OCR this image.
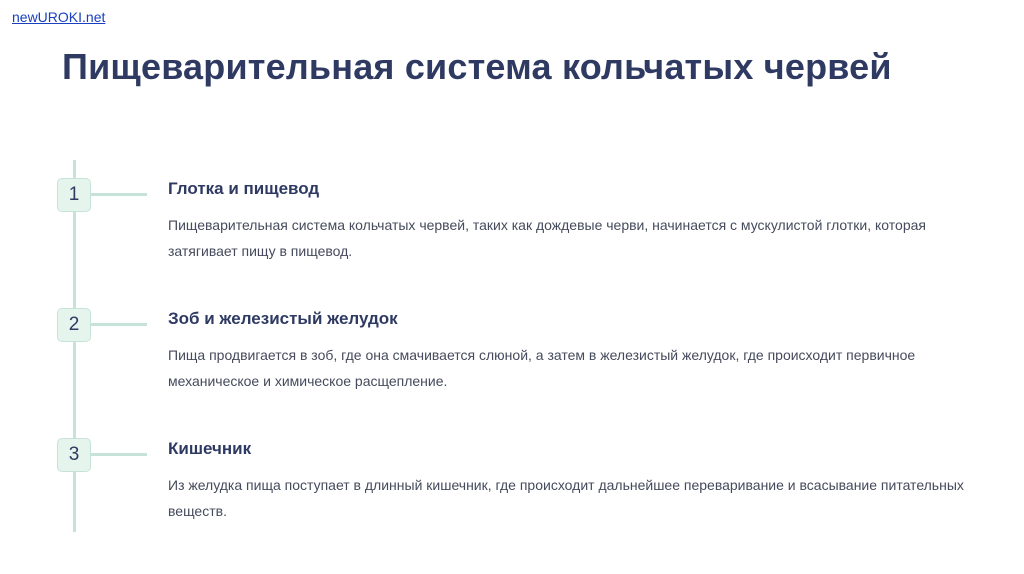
newUROKI.net
Пищеварительная система кольчатых червей
1	Глотка и пищевод
Пищеварительная система кольчатых червей, таких как дождевые черви, начинается с мускулистой глотки, которая затягивает пищу в пищевод.
2	Зоб и железистый желудок
Пища продвигается в зоб, где она смачивается слюной, а затем в железистый желудок, где происходит первичное механическое и химическое расщепление.
3	Кишечник
Из желудка пища поступает в длинный кишечник, где происходит дальнейшее переваривание и всасывание питательных веществ.
